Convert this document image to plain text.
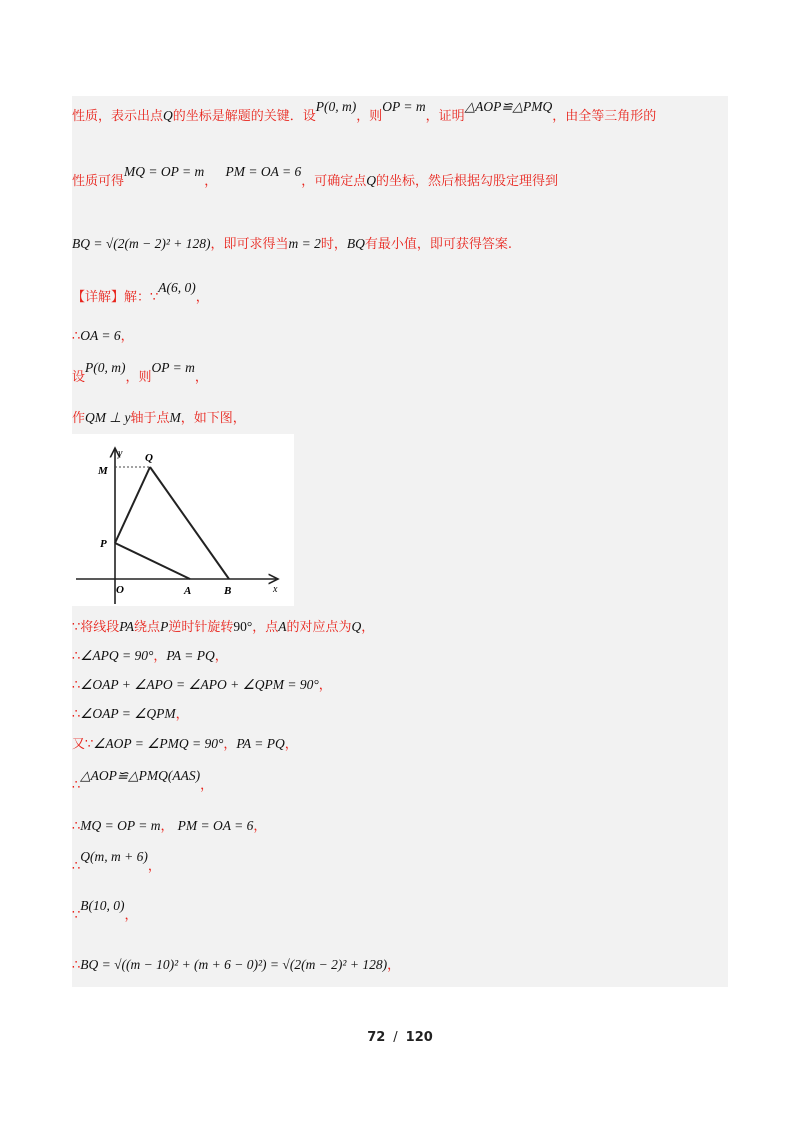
性质，表示出点Q的坐标是解题的关键．设P(0, m)，则OP = m，证明△AOP≌△PMQ，由全等三角形的
性质可得MQ = OP = m，  PM = OA = 6，可确定点Q的坐标，然后根据勾股定理得到
BQ = √(2(m − 2)² + 128)，即可求得当m = 2时，BQ有最小值，即可获得答案.
【详解】解：∵A(6, 0)，
∴OA = 6，
设P(0, m)，则OP = m，
作QM ⊥ y轴于点M，如下图，
y
x
O	A	B
P
Q
M
∵将线段PA绕点P逆时针旋转90°，点A的对应点为Q，
∴∠APQ = 90°，PA = PQ，
∴∠OAP + ∠APO = ∠APO + ∠QPM = 90°，
∴∠OAP = ∠QPM，
又∵∠AOP = ∠PMQ = 90°，PA = PQ，
∴△AOP≌△PMQ(AAS)，
∴MQ = OP = m， PM = OA = 6，
∴Q(m, m + 6)，
∵B(10, 0)，
∴BQ = √((m − 10)² + (m + 6 − 0)²) = √(2(m − 2)² + 128)，
72 / 120
